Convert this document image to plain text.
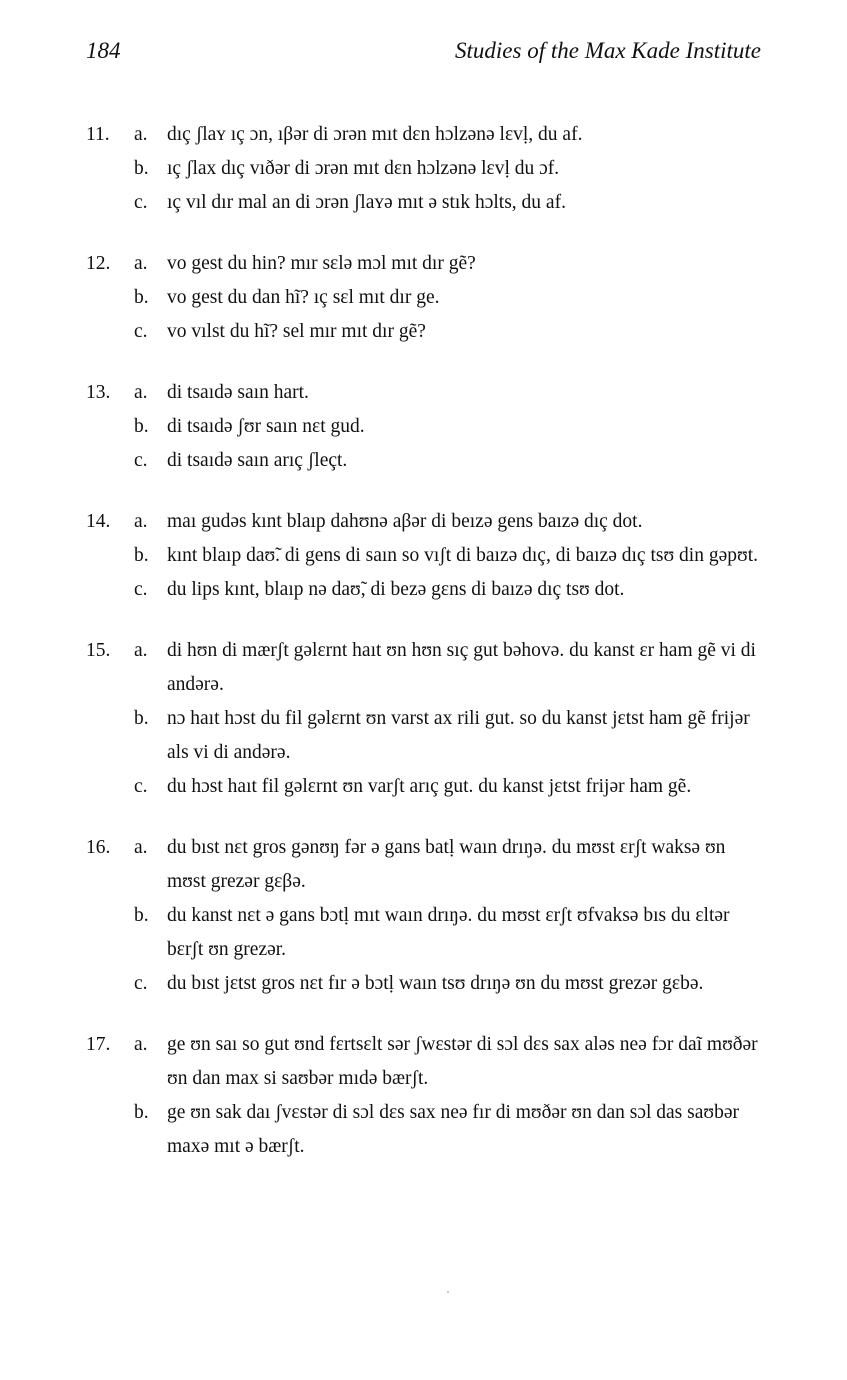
184	Studies of the Max Kade Institute
11. a. dıç ʃlaʏ ıç ɔn, ıβər di ɔrən mıt dɛn hɔlzənə lɛvḷ, du af.
b. ıç ʃlax dıç vıðər di ɔrən mıt dɛn hɔlzənə lɛvḷ du ɔf.
c. ıç vıl dır mal an di ɔrən ʃlaʏə mıt ə stık hɔlts, du af.
12. a. vo gest du hin? mır sɛlə mɔl mıt dır gẽ?
b. vo gest du dan hĩ? ıç sɛl mıt dır ge.
c. vo vılst du hĩ? sel mır mıt dır gẽ?
13. a. di tsaıdə saın hart.
b. di tsaıdə ʃʊr saın nɛt gud.
c. di tsaıdə saın arıç ʃleçt.
14. a. maı gudəs kınt blaıp dahʊnə aβər di beızə gens baızə dıç dot.
b. kınt blaıp daʊ̃. di gens di saın so vıʃt di baızə dıç, di baızə dıç tsʊ din gəpʊt.
c. du lips kınt, blaıp nə daʊ̃, di bezə gɛns di baızə dıç tsʊ dot.
15. a. di hʊn di mærʃt gəlɛrnt haıt ʊn hʊn sıç gut bəhovə. du kanst ɛr ham gẽ vi di andərə.
b. nɔ haıt hɔst du fil gəlɛrnt ʊn varst ax rili gut. so du kanst jɛtst ham gẽ frijər als vi di andərə.
c. du hɔst haıt fil gəlɛrnt ʊn varʃt arıç gut. du kanst jɛtst frijər ham gẽ.
16. a. du bıst nɛt gros gənʊŋ fər ə gans batḷ waın drıŋə. du mʊst ɛrʃt waksə ʊn mʊst grezər gɛβə.
b. du kanst nɛt ə gans bɔtḷ mıt waın drıŋə. du mʊst ɛrʃt ʊfvaksə bıs du ɛltər bɛrʃt ʊn grezər.
c. du bıst jɛtst gros nɛt fır ə bɔtḷ waın tsʊ drıŋə ʊn du mʊst grezər gɛbə.
17. a. ge ʊn saı so gut ʊnd fɛrtsɛlt sər ʃwɛstər di sɔl dɛs sax aləs neə fɔr daĩ mʊðər ʊn dan max si saʊbər mıdə bærʃt.
b. ge ʊn sak daı ʃvɛstər di sɔl dɛs sax neə fır di mʊðər ʊn dan sɔl das saʊbər maxə mıt ə bærʃt.
